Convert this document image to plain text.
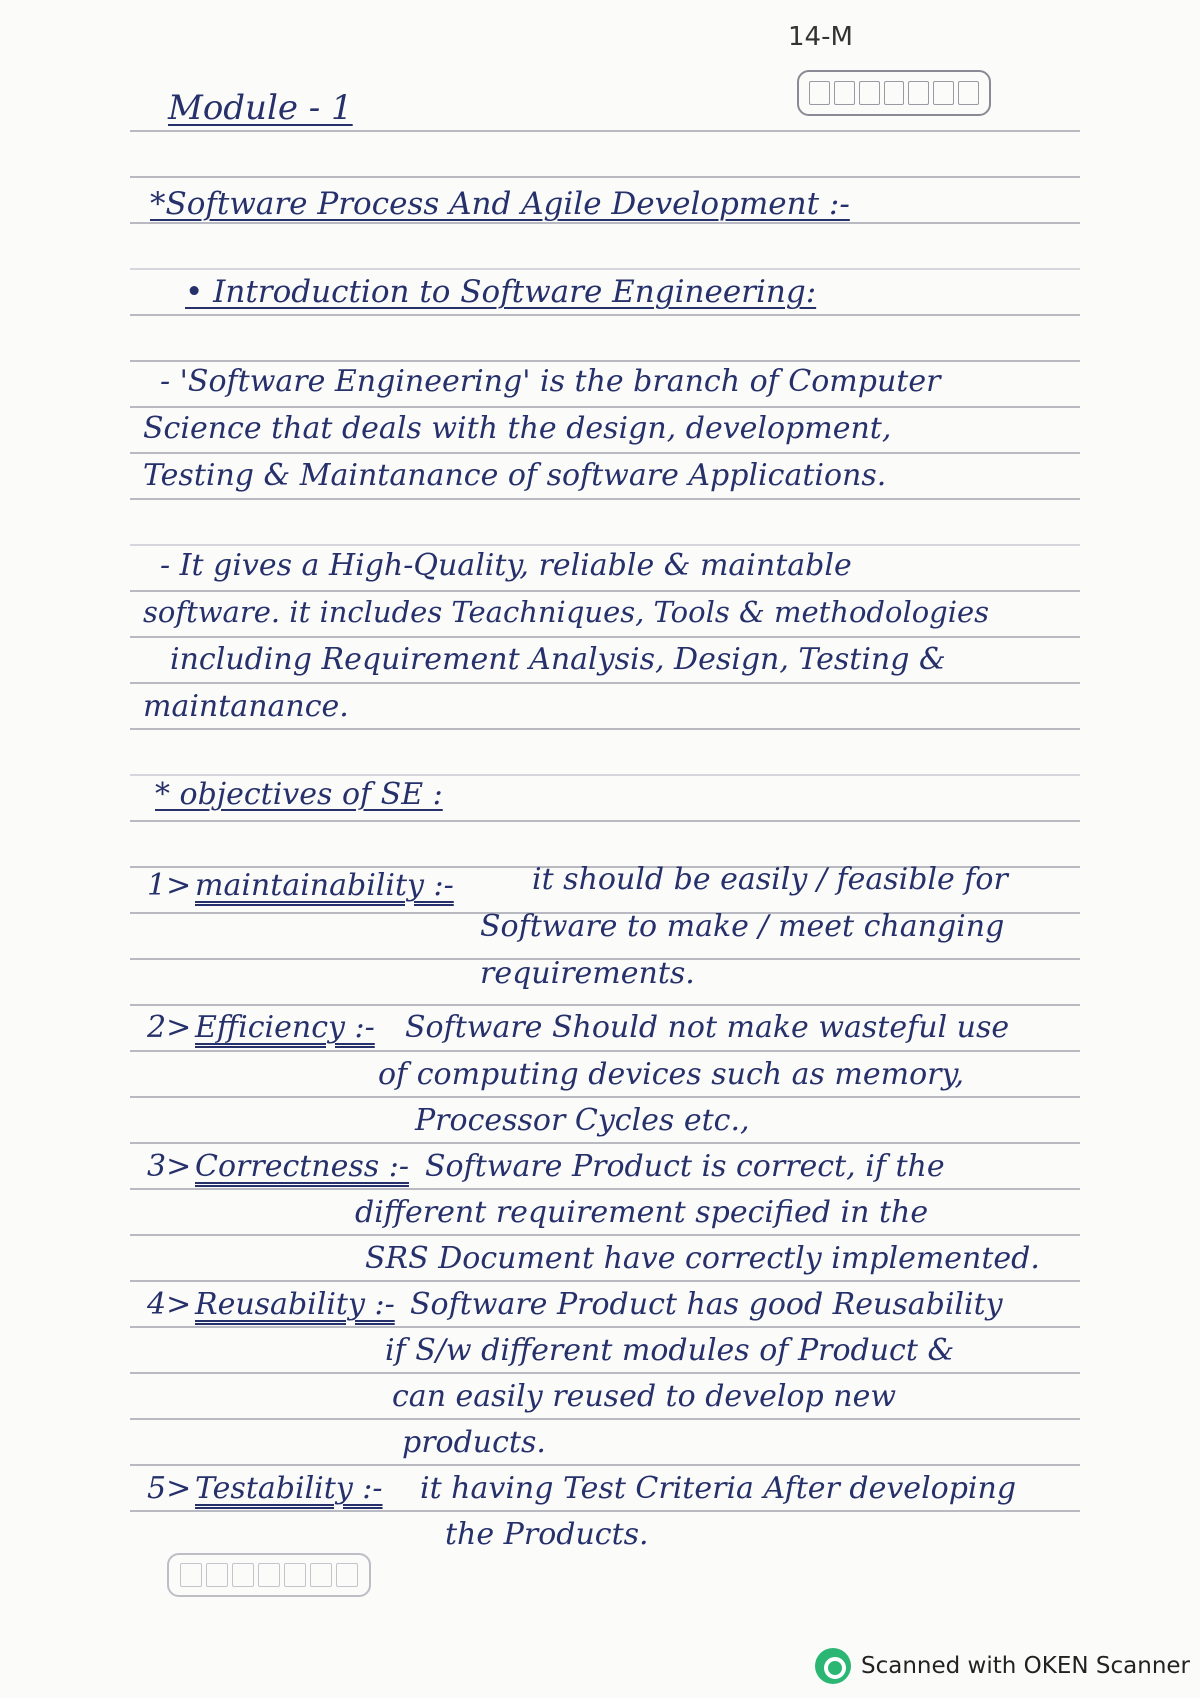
14-M
Module - 1
*Software Process And Agile Development :-
• Introduction to Software Engineering:
- 'Software Engineering' is the branch of Computer
Science that deals with the design, development,
Testing & Maintanance of software Applications.
- It gives a High-Quality, reliable & maintable
software. it includes Teachniques, Tools & methodologies
including Requirement Analysis, Design, Testing &
maintanance.
* objectives of SE :
1> maintainability :-	it should be easily / feasible for
Software to make / meet changing
requirements.
2> Efficiency :- Software Should not make wasteful use
of computing devices such as memory,
Processor Cycles etc.,
3> Correctness :- Software Product is correct, if the
different requirement specified in the
SRS Document have correctly implemented.
4> Reusability :- Software Product has good Reusability
if S/w different modules of Product &
can easily reused to develop new
products.
5> Testability :- it having Test Criteria After developing
the Products.
Scanned with OKEN Scanner
